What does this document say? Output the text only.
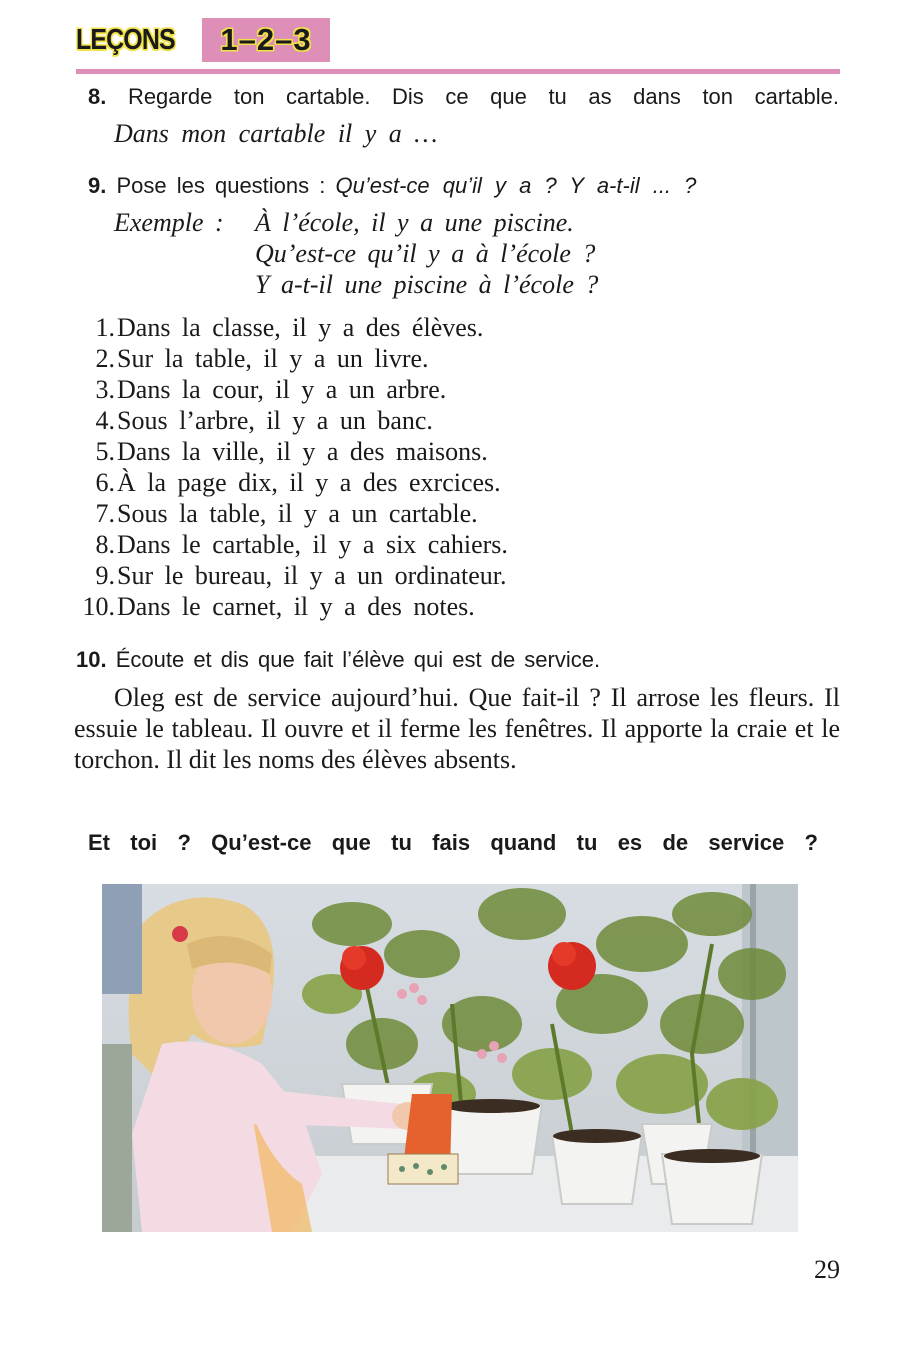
LEÇONS 1–2–3
8. Regarde ton cartable. Dis ce que tu as dans ton cartable.
Dans mon cartable il y a …
9. Pose les questions : Qu’est-ce qu’il y a ? Y a-t-il ... ?
Exemple :	À l’école, il y a une piscine.
Qu’est-ce qu’il y a à l’école ?
Y a-t-il une piscine à l’école ?
1. Dans la classe, il y a des élèves.
2. Sur la table, il y a un livre.
3. Dans la cour, il y a un arbre.
4. Sous l’arbre, il y a un banc.
5. Dans la ville, il y a des maisons.
6. À la page dix, il y a des exrcices.
7. Sous la table, il y a un cartable.
8. Dans le cartable, il y a six cahiers.
9. Sur le bureau, il y a un ordinateur.
10. Dans le carnet, il y a des notes.
10. Écoute et dis que fait l’élève qui est de service.
Oleg est de service aujourd’hui. Que fait-il ? Il arrose les fleurs. Il essuie le tableau. Il ouvre et il ferme les fenêtres. Il apporte la craie et le torchon. Il dit les noms des élèves absents.
Et toi ? Qu’est-ce que tu fais quand tu es de service ?
29
